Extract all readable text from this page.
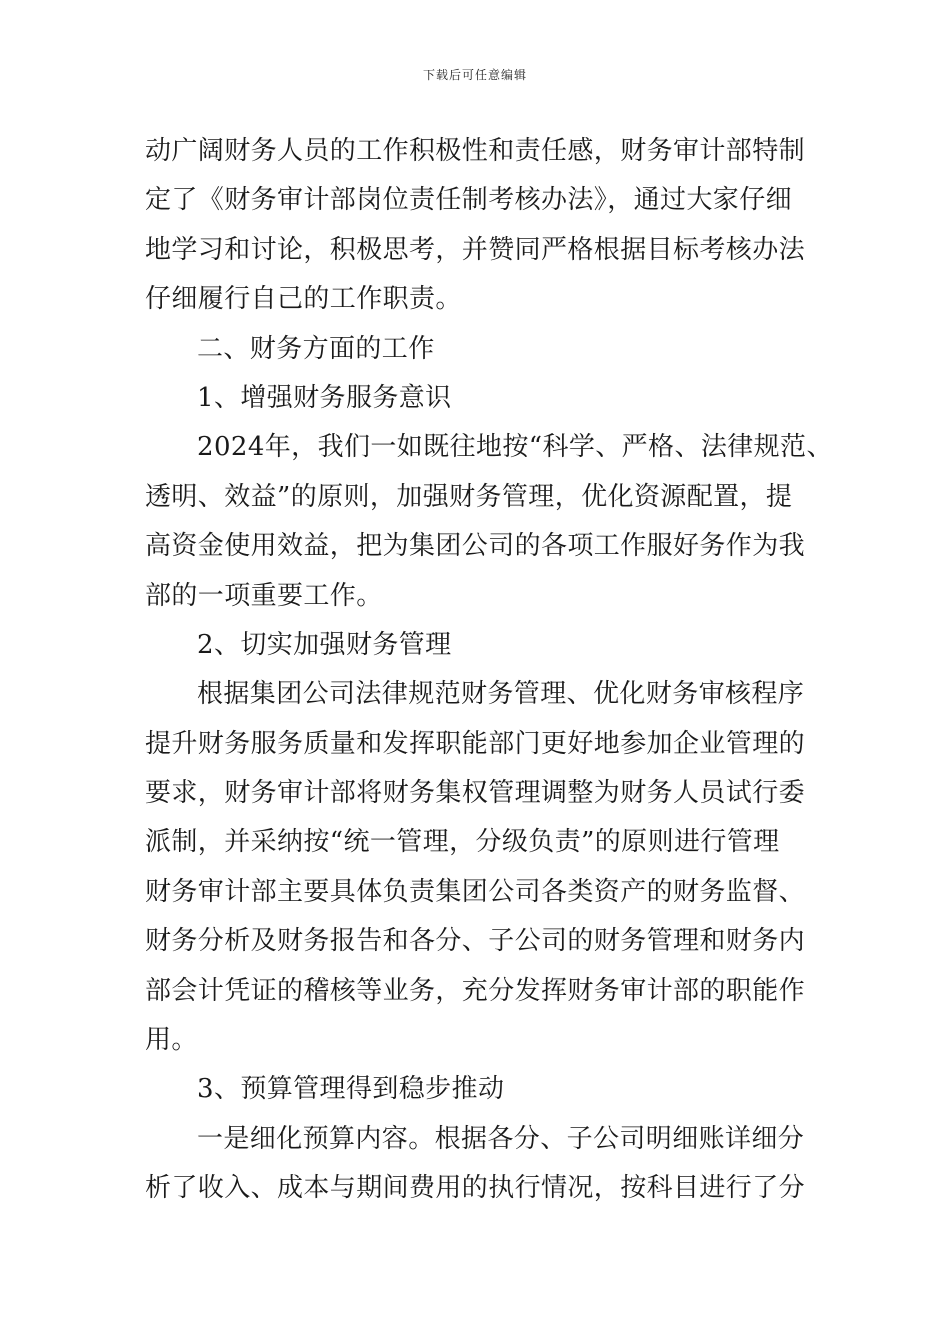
下载后可任意编辑
动广阔财务人员的工作积极性和责任感，财务审计部特制
定了《财务审计部岗位责任制考核办法》，通过大家仔细
地学习和讨论，积极思考，并赞同严格根据目标考核办法
仔细履行自己的工作职责。
二、财务方面的工作
1、增强财务服务意识
2024年，我们一如既往地按“科学、严格、法律规范、
透明、效益”的原则，加强财务管理，优化资源配置，提
高资金使用效益，把为集团公司的各项工作服好务作为我
部的一项重要工作。
2、切实加强财务管理
根据集团公司法律规范财务管理、优化财务审核程序
提升财务服务质量和发挥职能部门更好地参加企业管理的
要求，财务审计部将财务集权管理调整为财务人员试行委
派制，并采纳按“统一管理，分级负责”的原则进行管理
财务审计部主要具体负责集团公司各类资产的财务监督、
财务分析及财务报告和各分、子公司的财务管理和财务内
部会计凭证的稽核等业务，充分发挥财务审计部的职能作
用。
3、预算管理得到稳步推动
一是细化预算内容。根据各分、子公司明细账详细分
析了收入、成本与期间费用的执行情况，按科目进行了分
